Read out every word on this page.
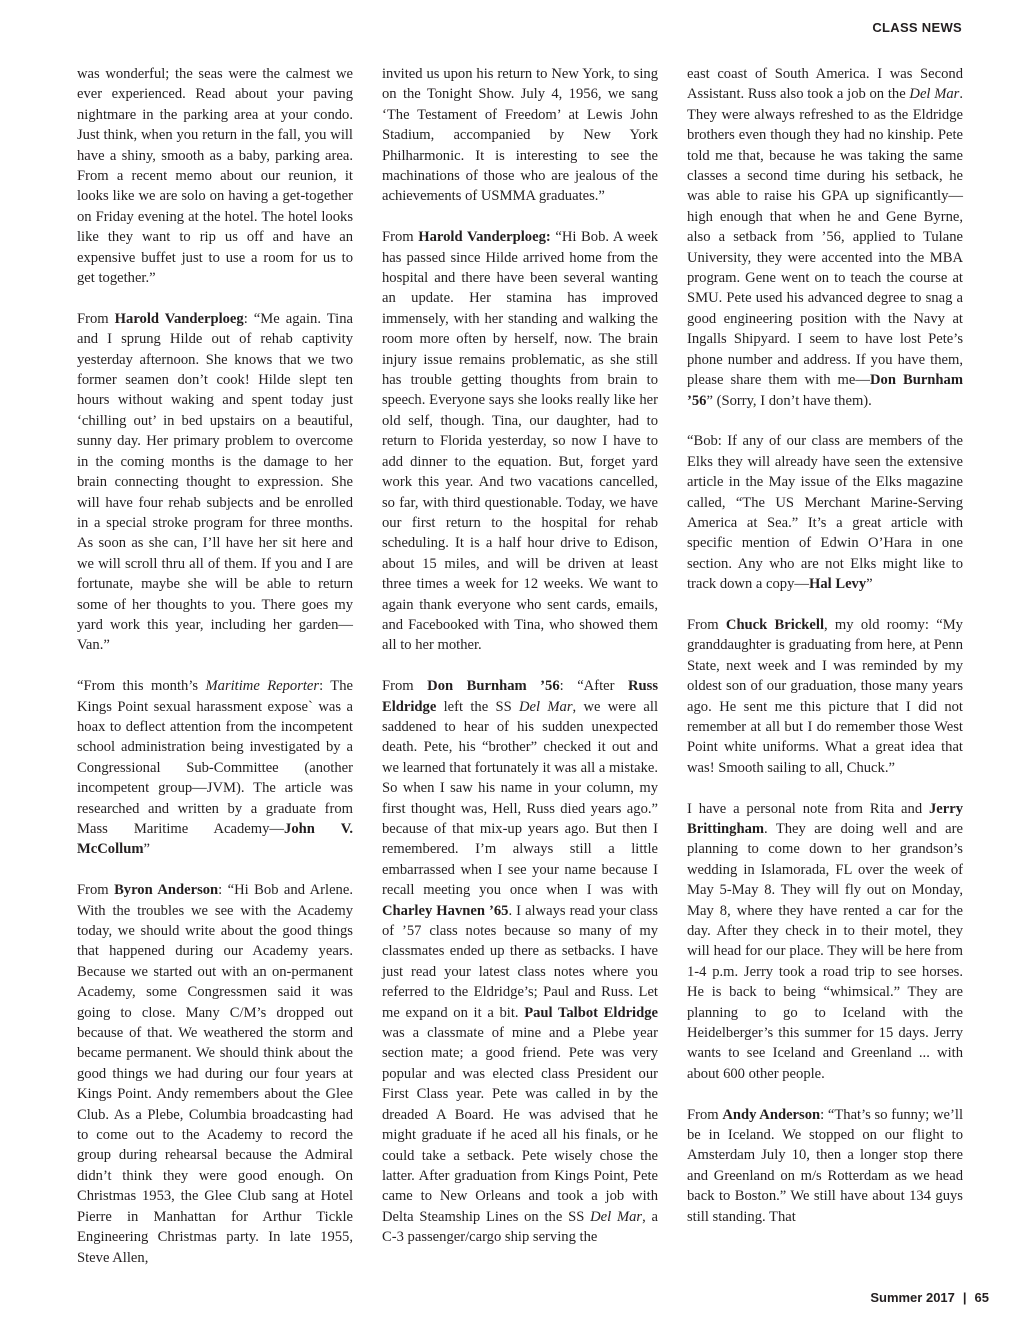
CLASS NEWS

was wonderful; the seas were the calmest we ever experienced. Read about your paving nightmare in the parking area at your condo. Just think, when you return in the fall, you will have a shiny, smooth as a baby, parking area. From a recent memo about our reunion, it looks like we are solo on having a get-together on Friday evening at the hotel. The hotel looks like they want to rip us off and have an expensive buffet just to use a room for us to get together.”

From Harold Vanderploeg: “Me again. Tina and I sprung Hilde out of rehab captivity yesterday afternoon. She knows that we two former seamen don’t cook! Hilde slept ten hours without waking and spent today just ‘chilling out’ in bed upstairs on a beautiful, sunny day. Her primary problem to overcome in the coming months is the damage to her brain connecting thought to expression. She will have four rehab subjects and be enrolled in a special stroke program for three months. As soon as she can, I’ll have her sit here and we will scroll thru all of them. If you and I are fortunate, maybe she will be able to return some of her thoughts to you. There goes my yard work this year, including her garden—Van.”

“From this month’s Maritime Reporter: The Kings Point sexual harassment expose` was a hoax to deflect attention from the incompetent school administration being investigated by a Congressional Sub-Committee (another incompetent group—JVM). The article was researched and written by a graduate from Mass Maritime Academy—John V. McCollum”

From Byron Anderson: “Hi Bob and Arlene. With the troubles we see with the Academy today, we should write about the good things that happened during our Academy years. Because we started out with an on-permanent Academy, some Congressmen said it was going to close. Many C/M’s dropped out because of that. We weathered the storm and became permanent. We should think about the good things we had during our four years at Kings Point. Andy remembers about the Glee Club. As a Plebe, Columbia broadcasting had to come out to the Academy to record the group during rehearsal because the Admiral didn’t think they were good enough. On Christmas 1953, the Glee Club sang at Hotel Pierre in Manhattan for Arthur Tickle Engineering Christmas party. In late 1955, Steve Allen,

invited us upon his return to New York, to sing on the Tonight Show. July 4, 1956, we sang ‘The Testament of Freedom’ at Lewis John Stadium, accompanied by New York Philharmonic. It is interesting to see the machinations of those who are jealous of the achievements of USMMA graduates.”

From Harold Vanderploeg: “Hi Bob. A week has passed since Hilde arrived home from the hospital and there have been several wanting an update. Her stamina has improved immensely, with her standing and walking the room more often by herself, now. The brain injury issue remains problematic, as she still has trouble getting thoughts from brain to speech. Everyone says she looks really like her old self, though. Tina, our daughter, had to return to Florida yesterday, so now I have to add dinner to the equation. But, forget yard work this year. And two vacations cancelled, so far, with third questionable. Today, we have our first return to the hospital for rehab scheduling. It is a half hour drive to Edison, about 15 miles, and will be driven at least three times a week for 12 weeks. We want to again thank everyone who sent cards, emails, and Facebooked with Tina, who showed them all to her mother.

From Don Burnham ’56: “After Russ Eldridge left the SS Del Mar, we were all saddened to hear of his sudden unexpected death. Pete, his “brother” checked it out and we learned that fortunately it was all a mistake. So when I saw his name in your column, my first thought was, Hell, Russ died years ago.” because of that mix-up years ago. But then I remembered. I’m always still a little embarrassed when I see your name because I recall meeting you once when I was with Charley Havnen ’65. I always read your class of ’57 class notes because so many of my classmates ended up there as setbacks. I have just read your latest class notes where you referred to the Eldridge’s; Paul and Russ. Let me expand on it a bit. Paul Talbot Eldridge was a classmate of mine and a Plebe year section mate; a good friend. Pete was very popular and was elected class President our First Class year. Pete was called in by the dreaded A Board. He was advised that he might graduate if he aced all his finals, or he could take a setback. Pete wisely chose the latter. After graduation from Kings Point, Pete came to New Orleans and took a job with Delta Steamship Lines on the SS Del Mar, a C-3 passenger/cargo ship serving the

east coast of South America. I was Second Assistant. Russ also took a job on the Del Mar. They were always refreshed to as the Eldridge brothers even though they had no kinship. Pete told me that, because he was taking the same classes a second time during his setback, he was able to raise his GPA up significantly—high enough that when he and Gene Byrne, also a setback from ’56, applied to Tulane University, they were accented into the MBA program. Gene went on to teach the course at SMU. Pete used his advanced degree to snag a good engineering position with the Navy at Ingalls Shipyard. I seem to have lost Pete’s phone number and address. If you have them, please share them with me—Don Burnham ’56” (Sorry, I don’t have them).

“Bob: If any of our class are members of the Elks they will already have seen the extensive article in the May issue of the Elks magazine called, “The US Merchant Marine-Serving America at Sea.” It’s a great article with specific mention of Edwin O’Hara in one section. Any who are not Elks might like to track down a copy—Hal Levy”

From Chuck Brickell, my old roomy: “My granddaughter is graduating from here, at Penn State, next week and I was reminded by my oldest son of our graduation, those many years ago. He sent me this picture that I did not remember at all but I do remember those West Point white uniforms. What a great idea that was! Smooth sailing to all, Chuck.”

I have a personal note from Rita and Jerry Brittingham. They are doing well and are planning to come down to her grandson’s wedding in Islamorada, FL over the week of May 5-May 8. They will fly out on Monday, May 8, where they have rented a car for the day. After they check in to their motel, they will head for our place. They will be here from 1-4 p.m. Jerry took a road trip to see horses. He is back to being “whimsical.” They are planning to go to Iceland with the Heidelberger’s this summer for 15 days. Jerry wants to see Iceland and Greenland ... with about 600 other people.

From Andy Anderson: “That’s so funny; we’ll be in Iceland. We stopped on our flight to Amsterdam July 10, then a longer stop there and Greenland on m/s Rotterdam as we head back to Boston.” We still have about 134 guys still standing. That

Summer 2017 | 65
